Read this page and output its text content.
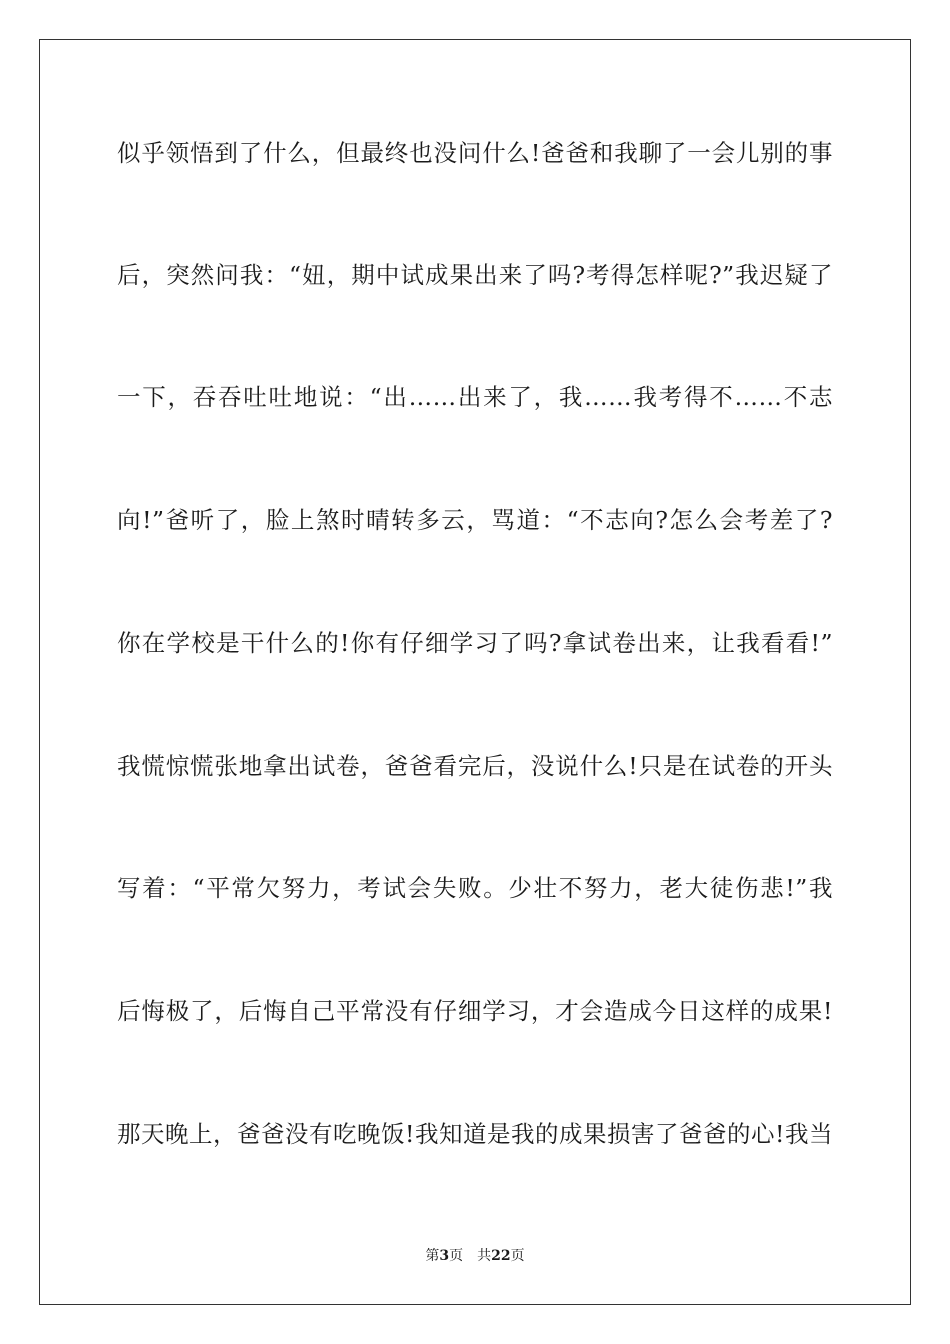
似乎领悟到了什么，但最终也没问什么!爸爸和我聊了一会儿别的事
后，突然问我：“妞，期中试成果出来了吗?考得怎样呢?”我迟疑了
一下，吞吞吐吐地说：“出……出来了，我……我考得不……不志
向!”爸听了，脸上煞时晴转多云，骂道：“不志向?怎么会考差了?
你在学校是干什么的!你有仔细学习了吗?拿试卷出来，让我看看!”
我慌惊慌张地拿出试卷，爸爸看完后，没说什么!只是在试卷的开头
写着：“平常欠努力，考试会失败。少壮不努力，老大徒伤悲!”我
后悔极了，后悔自己平常没有仔细学习，才会造成今日这样的成果!
那天晚上，爸爸没有吃晚饭!我知道是我的成果损害了爸爸的心!我当
第3页 共22页
